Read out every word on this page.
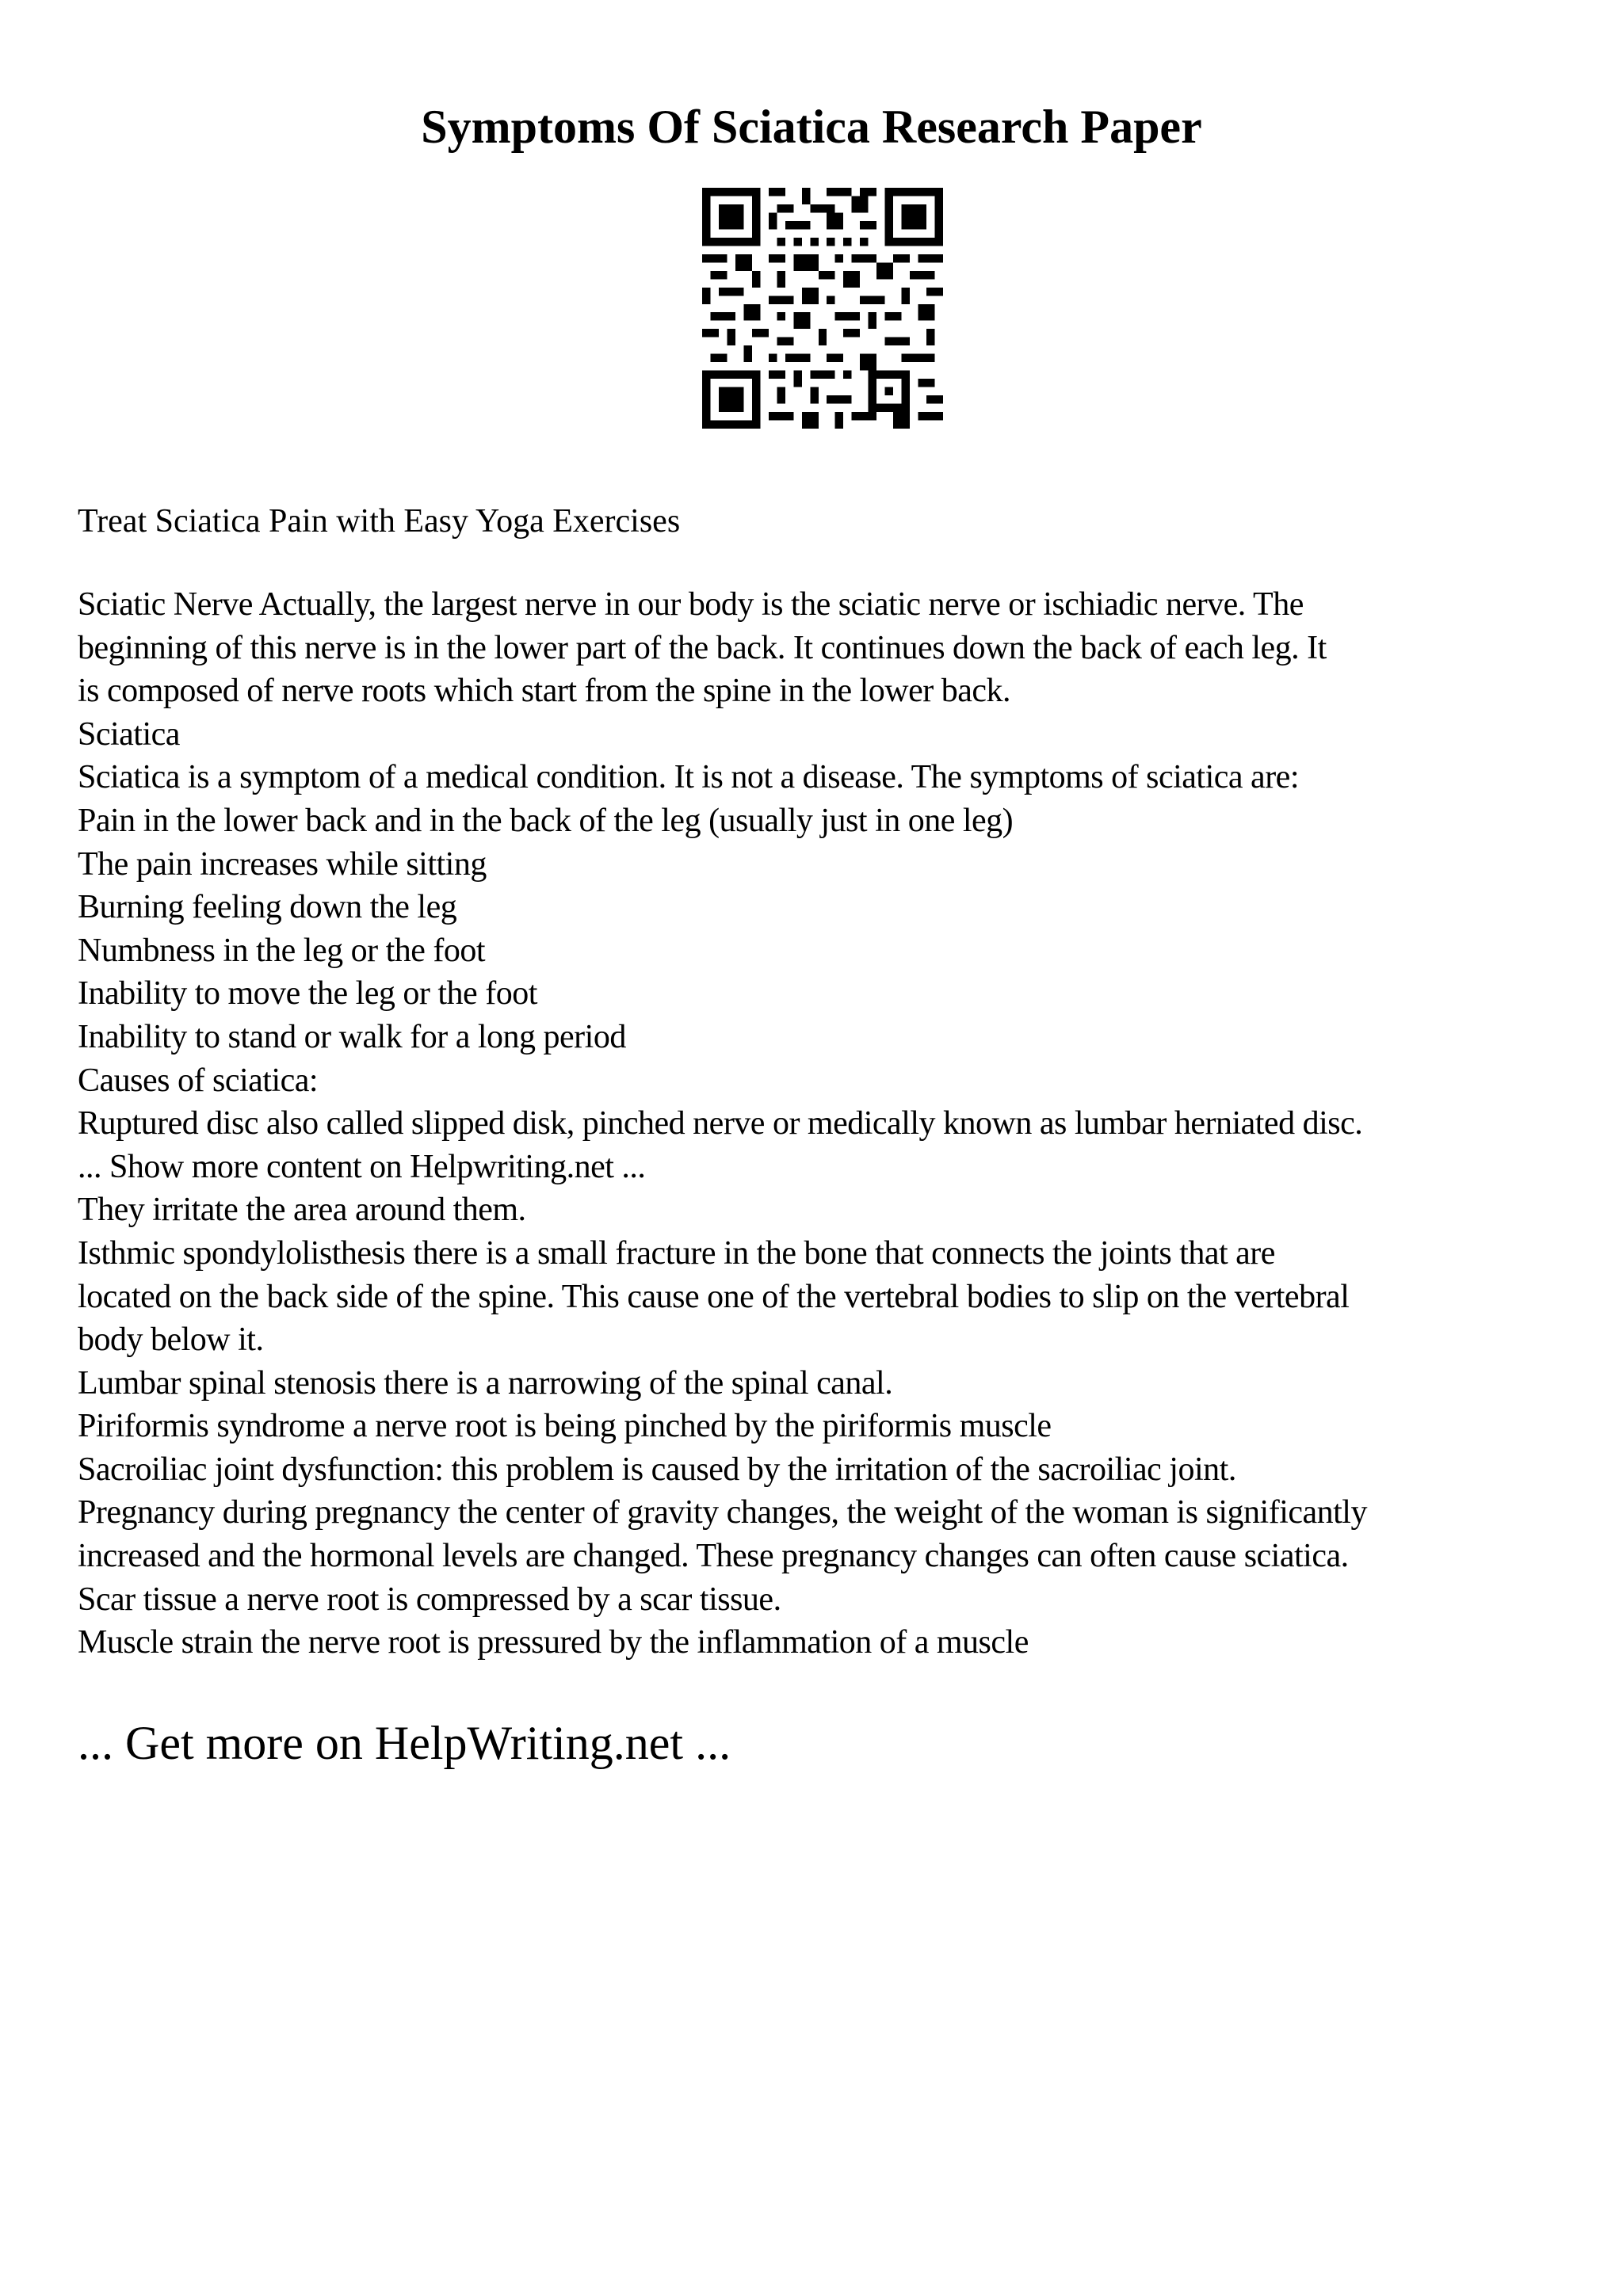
Symptoms Of Sciatica Research Paper
Treat Sciatica Pain with Easy Yoga Exercises
Sciatic Nerve Actually, the largest nerve in our body is the sciatic nerve or ischiadic nerve. The
beginning of this nerve is in the lower part of the back. It continues down the back of each leg. It
is composed of nerve roots which start from the spine in the lower back.
Sciatica
Sciatica is a symptom of a medical condition. It is not a disease. The symptoms of sciatica are:
Pain in the lower back and in the back of the leg (usually just in one leg)
The pain increases while sitting
Burning feeling down the leg
Numbness in the leg or the foot
Inability to move the leg or the foot
Inability to stand or walk for a long period
Causes of sciatica:
Ruptured disc also called slipped disk, pinched nerve or medically known as lumbar herniated disc.
... Show more content on Helpwriting.net ...
They irritate the area around them.
Isthmic spondylolisthesis there is a small fracture in the bone that connects the joints that are
located on the back side of the spine. This cause one of the vertebral bodies to slip on the vertebral
body below it.
Lumbar spinal stenosis there is a narrowing of the spinal canal.
Piriformis syndrome a nerve root is being pinched by the piriformis muscle
Sacroiliac joint dysfunction: this problem is caused by the irritation of the sacroiliac joint.
Pregnancy during pregnancy the center of gravity changes, the weight of the woman is significantly
increased and the hormonal levels are changed. These pregnancy changes can often cause sciatica.
Scar tissue a nerve root is compressed by a scar tissue.
Muscle strain the nerve root is pressured by the inflammation of a muscle
... Get more on HelpWriting.net ...
